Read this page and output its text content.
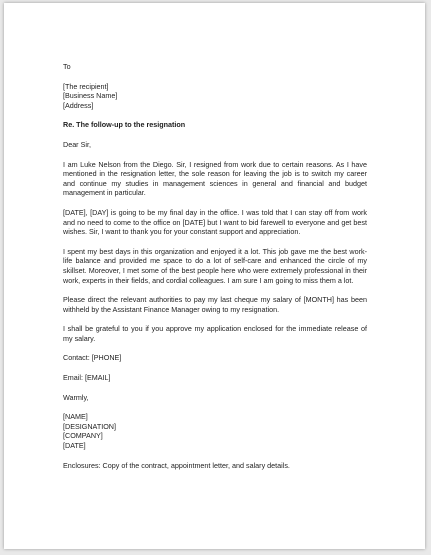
To
[The recipient]
[Business Name]
[Address]
Re. The follow-up to the resignation
Dear Sir,

I am Luke Nelson from the Diego. Sir, I resigned from work due to certain reasons. As I have mentioned in the resignation letter, the sole reason for leaving the job is to switch my career and continue my studies in management sciences in general and financial and budget management in particular.

[DATE], [DAY] is going to be my final day in the office. I was told that I can stay off from work and no need to come to the office on [DATE] but I want to bid farewell to everyone and get best wishes. Sir, I want to thank you for your constant support and appreciation.

I spent my best days in this organization and enjoyed it a lot. This job gave me the best work-life balance and provided me space to do a lot of self-care and enhanced the circle of my skillset. Moreover, I met some of the best people here who were extremely professional in their work, experts in their fields, and cordial colleagues. I am sure I am going to miss them a lot.

Please direct the relevant authorities to pay my last cheque my salary of [MONTH] has been withheld by the Assistant Finance Manager owing to my resignation.

I shall be grateful to you if you approve my application enclosed for the immediate release of my salary.

Contact: [PHONE]
Email: [EMAIL]
Warmly,
[NAME]
[DESIGNATION]
[COMPANY]
[DATE]
Enclosures: Copy of the contract, appointment letter, and salary details.
